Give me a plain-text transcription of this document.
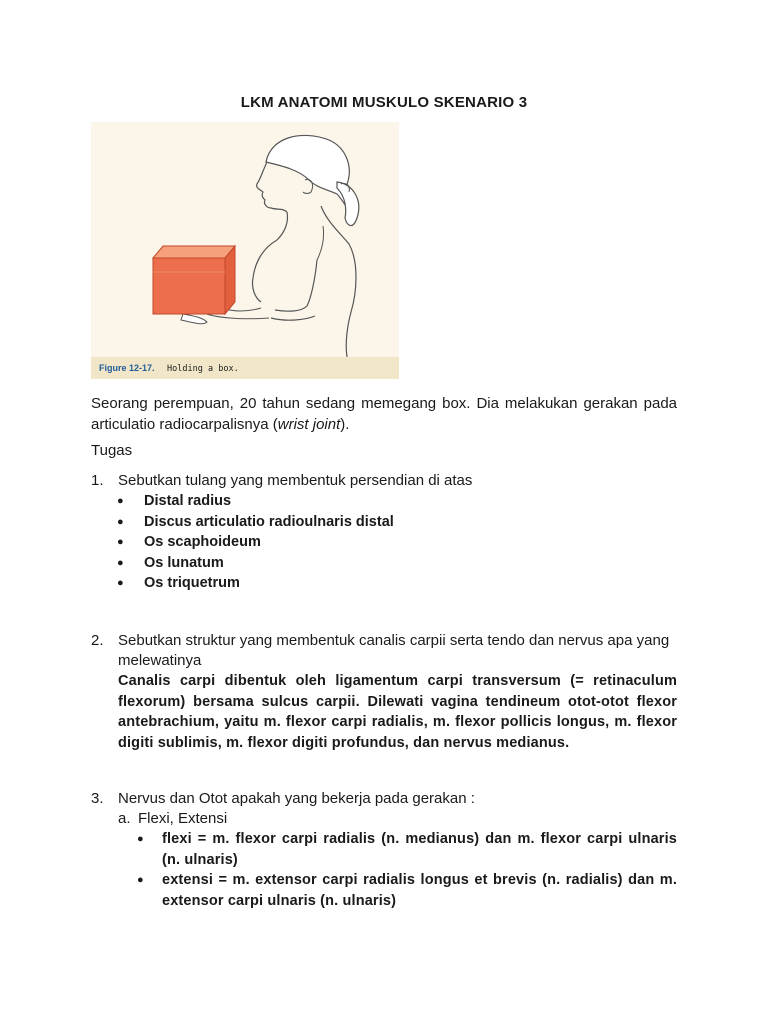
LKM ANATOMI MUSKULO SKENARIO 3
Figure 12-17. Holding a box.
Seorang perempuan, 20 tahun sedang memegang box. Dia melakukan gerakan pada articulatio radiocarpalisnya (wrist joint).
Tugas
1. Sebutkan tulang yang membentuk persendian di atas
● Distal radius
● Discus articulatio radioulnaris distal
● Os scaphoideum
● Os lunatum
● Os triquetrum
2. Sebutkan struktur yang membentuk canalis carpii serta tendo dan nervus apa yang melewatinya
Canalis carpi dibentuk oleh ligamentum carpi transversum (= retinaculum flexorum) bersama sulcus carpii. Dilewati vagina tendineum otot-otot flexor antebrachium, yaitu m. flexor carpi radialis, m. flexor pollicis longus, m. flexor digiti sublimis, m. flexor digiti profundus, dan nervus medianus.
3. Nervus dan Otot apakah yang bekerja pada gerakan :
a. Flexi, Extensi
● flexi = m. flexor carpi radialis (n. medianus) dan m. flexor carpi ulnaris (n. ulnaris)
● extensi = m. extensor carpi radialis longus et brevis (n. radialis) dan m. extensor carpi ulnaris (n. ulnaris)
